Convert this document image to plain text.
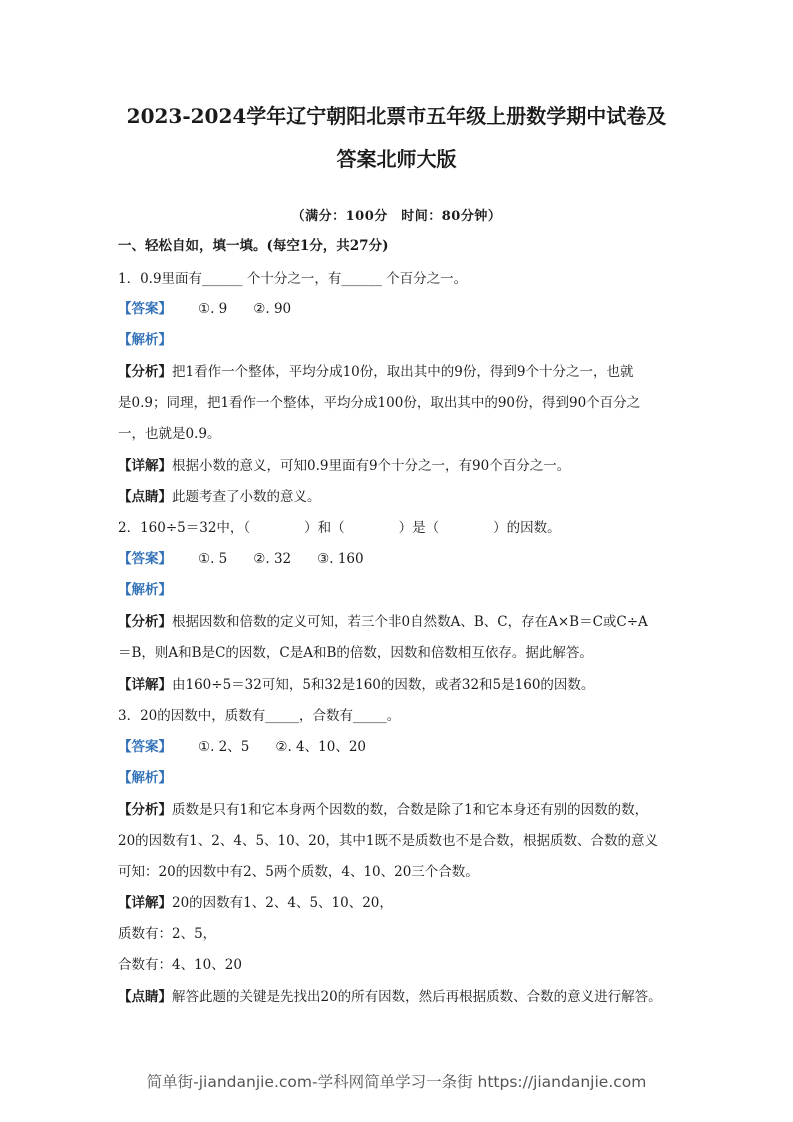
2023-2024学年辽宁朝阳北票市五年级上册数学期中试卷及
答案北师大版
（满分：100分　时间：80分钟）
一、轻松自如，填一填。(每空1分，共27分)
1．0.9里面有______ 个十分之一，有______ 个百分之一。
【答案】 ①. 9 ②. 90
【解析】
【分析】把1看作一个整体，平均分成10份，取出其中的9份，得到9个十分之一，也就
是0.9；同理，把1看作一个整体，平均分成100份，取出其中的90份，得到90个百分之
一，也就是0.9。
【详解】根据小数的意义，可知0.9里面有9个十分之一，有90个百分之一。
【点睛】此题考查了小数的意义。
2．160÷5＝32中，（　　　　）和（　　　　）是（　　　　）的因数。
【答案】 ①. 5 ②. 32 ③. 160
【解析】
【分析】根据因数和倍数的定义可知，若三个非0自然数A、B、C，存在A×B＝C或C÷A
＝B，则A和B是C的因数，C是A和B的倍数，因数和倍数相互依存。据此解答。
【详解】由160÷5＝32可知，5和32是160的因数，或者32和5是160的因数。
3．20的因数中，质数有_____，合数有_____。
【答案】 ①. 2、5 ②. 4、10、20
【解析】
【分析】质数是只有1和它本身两个因数的数，合数是除了1和它本身还有别的因数的数，
20的因数有1、2、4、5、10、20，其中1既不是质数也不是合数，根据质数、合数的意义
可知：20的因数中有2、5两个质数，4、10、20三个合数。
【详解】20的因数有1、2、4、5、10、20，
质数有：2、5，
合数有：4、10、20
【点睛】解答此题的关键是先找出20的所有因数，然后再根据质数、合数的意义进行解答。
简单街-jiandanjie.com-学科网简单学习一条街 https://jiandanjie.com
